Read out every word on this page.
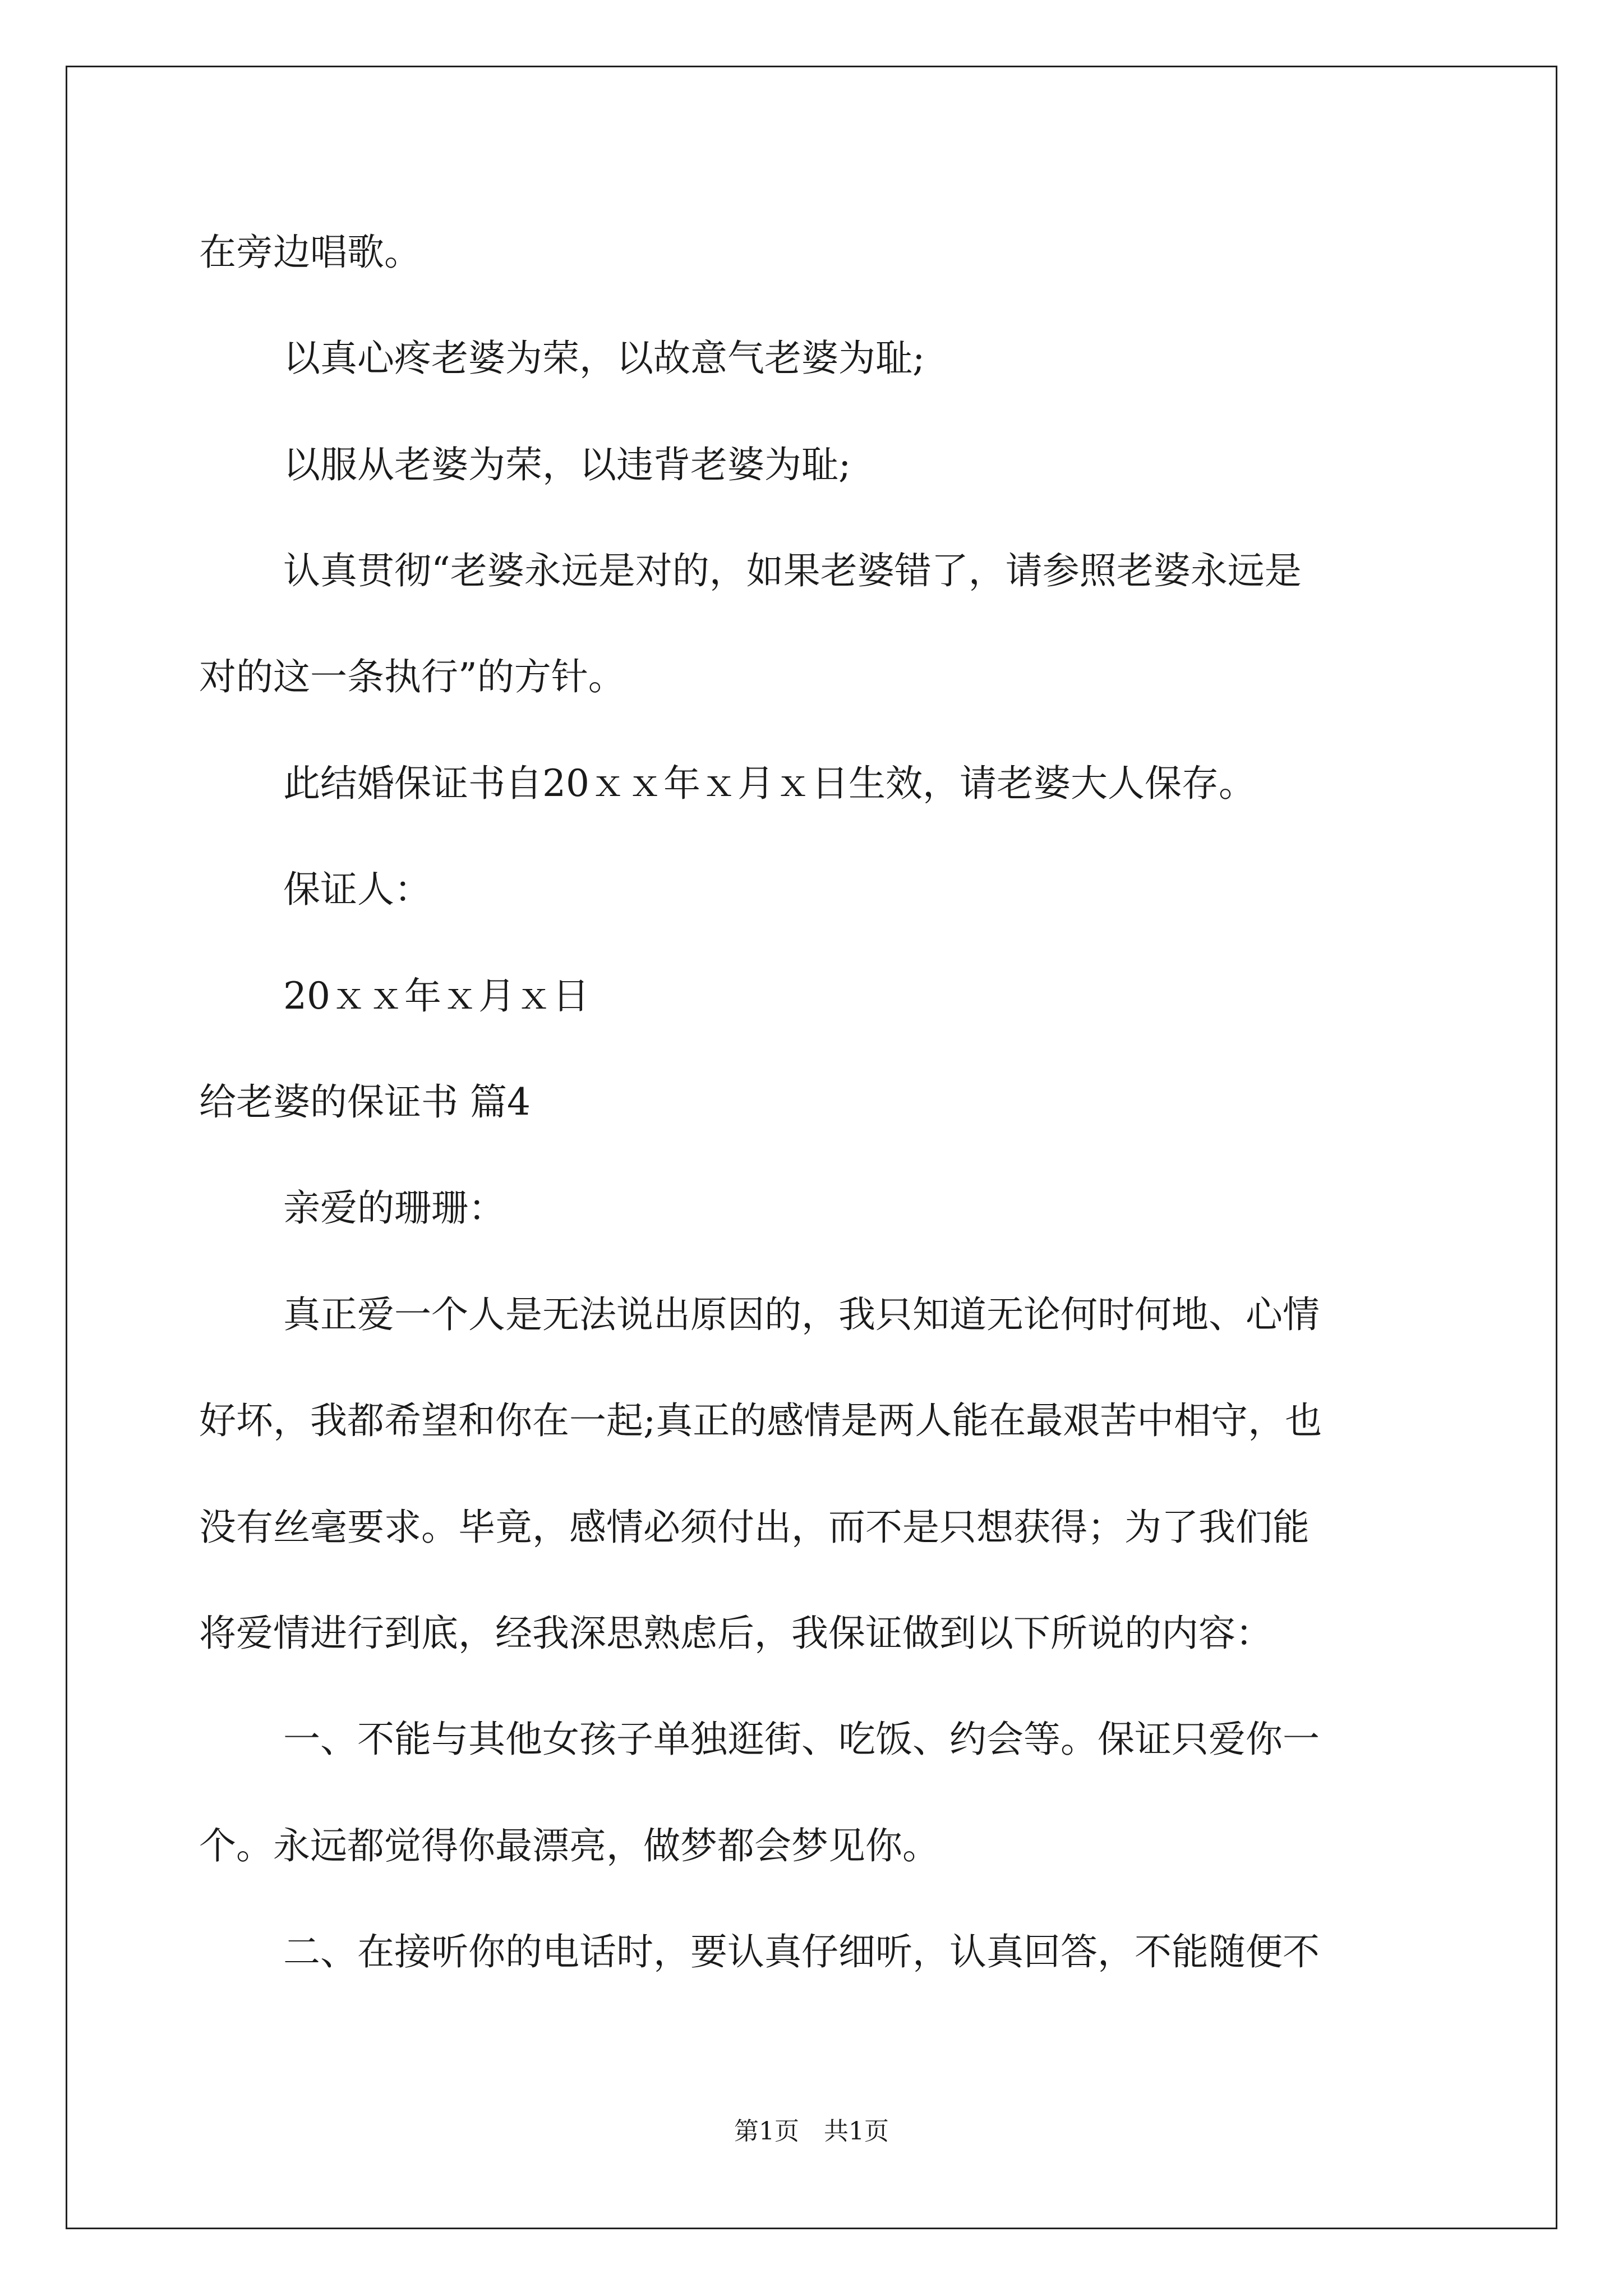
在旁边唱歌。

以真心疼老婆为荣，以故意气老婆为耻;

以服从老婆为荣，以违背老婆为耻;

认真贯彻“老婆永远是对的，如果老婆错了，请参照老婆永远是

对的这一条执行”的方针。

此结婚保证书自20ｘｘ年ｘ月ｘ日生效，请老婆大人保存。

保证人：

20ｘｘ年ｘ月ｘ日

给老婆的保证书 篇4

亲爱的珊珊：

真正爱一个人是无法说出原因的，我只知道无论何时何地、心情

好坏，我都希望和你在一起;真正的感情是两人能在最艰苦中相守，也

没有丝毫要求。毕竟，感情必须付出，而不是只想获得；为了我们能

将爱情进行到底，经我深思熟虑后，我保证做到以下所说的内容：

一、不能与其他女孩子单独逛街、吃饭、约会等。保证只爱你一

个。永远都觉得你最漂亮，做梦都会梦见你。

二、在接听你的电话时，要认真仔细听，认真回答，不能随便不

第1页　共1页
